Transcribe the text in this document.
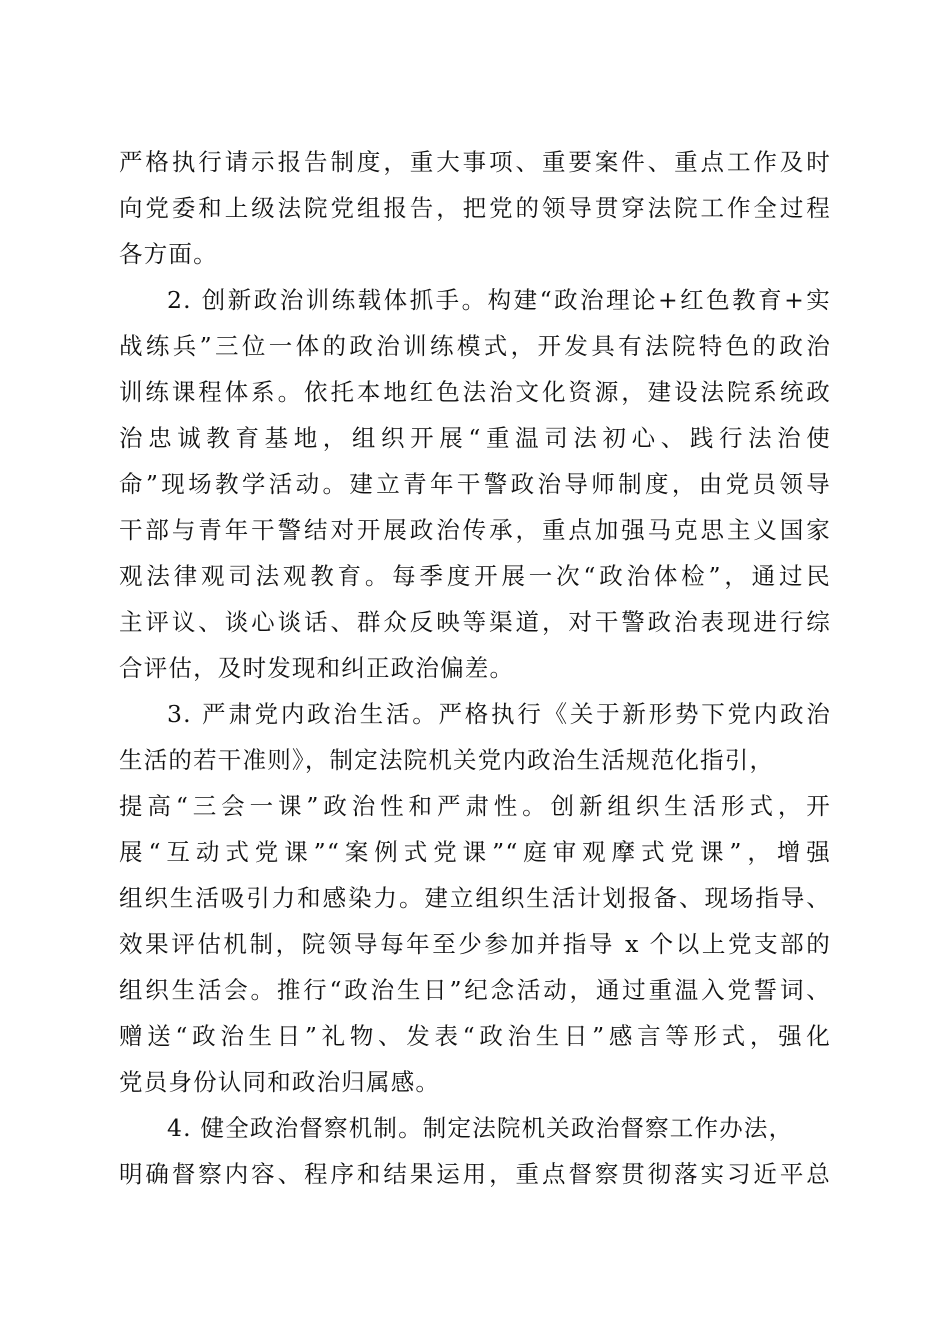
严格执行请示报告制度，重大事项、重要案件、重点工作及时
向党委和上级法院党组报告，把党的领导贯穿法院工作全过程
各方面。
2. 创新政治训练载体抓手。构建“政治理论+红色教育+实
战练兵”三位一体的政治训练模式，开发具有法院特色的政治
训练课程体系。依托本地红色法治文化资源，建设法院系统政
治忠诚教育基地，组织开展“重温司法初心、践行法治使
命”现场教学活动。建立青年干警政治导师制度，由党员领导
干部与青年干警结对开展政治传承，重点加强马克思主义国家
观法律观司法观教育。每季度开展一次“政治体检”，通过民
主评议、谈心谈话、群众反映等渠道，对干警政治表现进行综
合评估，及时发现和纠正政治偏差。
3. 严肃党内政治生活。严格执行《关于新形势下党内政治
生活的若干准则》，制定法院机关党内政治生活规范化指引，
提高“三会一课”政治性和严肃性。创新组织生活形式，开
展“互动式党课”“案例式党课”“庭审观摩式党课”，增强
组织生活吸引力和感染力。建立组织生活计划报备、现场指导、
效果评估机制，院领导每年至少参加并指导 x 个以上党支部的
组织生活会。推行“政治生日”纪念活动，通过重温入党誓词、
赠送“政治生日”礼物、发表“政治生日”感言等形式，强化
党员身份认同和政治归属感。
4. 健全政治督察机制。制定法院机关政治督察工作办法，
明确督察内容、程序和结果运用，重点督察贯彻落实习近平总
